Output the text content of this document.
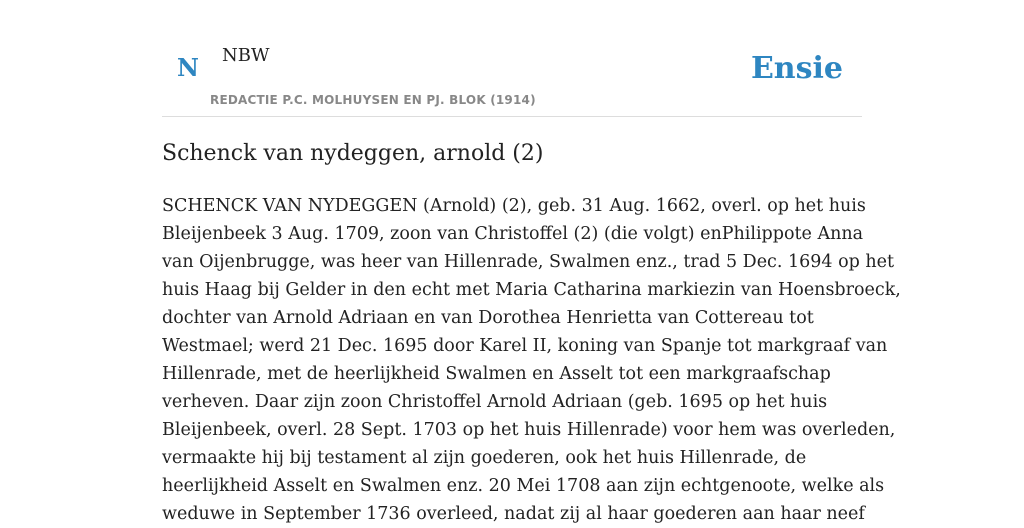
N NBW
REDACTIE P.C. MOLHUYSEN EN PJ. BLOK (1914)
Ensie
Schenck van nydeggen, arnold (2)

SCHENCK VAN NYDEGGEN (Arnold) (2), geb. 31 Aug. 1662, overl. op het huis
Bleijenbeek 3 Aug. 1709, zoon van Christoffel (2) (die volgt) enPhilippote Anna
van Oijenbrugge, was heer van Hillenrade, Swalmen enz., trad 5 Dec. 1694 op het
huis Haag bij Gelder in den echt met Maria Catharina markiezin van Hoensbroeck,
dochter van Arnold Adriaan en van Dorothea Henrietta van Cottereau tot
Westmael; werd 21 Dec. 1695 door Karel II, koning van Spanje tot markgraaf van
Hillenrade, met de heerlijkheid Swalmen en Asselt tot een markgraafschap
verheven. Daar zijn zoon Christoffel Arnold Adriaan (geb. 1695 op het huis
Bleijenbeek, overl. 28 Sept. 1703 op het huis Hillenrade) voor hem was overleden,
vermaakte hij bij testament al zijn goederen, ook het huis Hillenrade, de
heerlijkheid Asselt en Swalmen enz. 20 Mei 1708 aan zijn echtgenoote, welke als
weduwe in September 1736 overleed, nadat zij al haar goederen aan haar neef
